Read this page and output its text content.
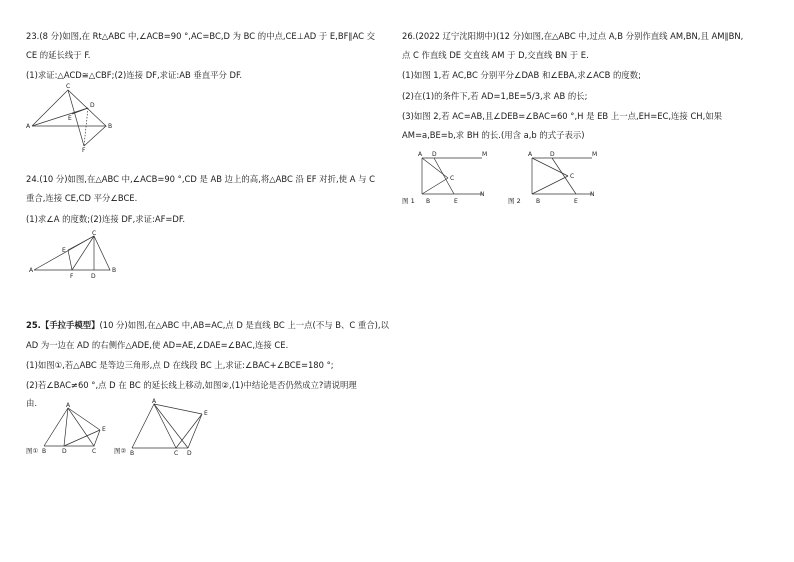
23.(8 分)如图,在 Rt△ABC 中,∠ACB=90 °,AC=BC,D 为 BC 的中点,CE⊥AD 于 E,BF∥AC 交
CE 的延长线于 F.
(1)求证:△ACD≅△CBF;(2)连接 DF,求证:AB 垂直平分 DF.
C
D
A
E
B
F
24.(10 分)如图,在△ABC 中,∠ACB=90 °,CD 是 AB 边上的高,将△ABC 沿 EF 对折,使 A 与 C
重合,连接 CE,CD 平分∠BCE.
(1)求∠A 的度数;(2)连接 DF,求证:AF=DF.
C
E
A
F	D
B
25.【手拉手模型】(10 分)如图,在△ABC 中,AB=AC,点 D 是直线 BC 上一点(不与 B、C 重合),以
AD 为一边在 AD 的右侧作△ADE,使 AD=AE,∠DAE=∠BAC,连接 CE.
(1)如图①,若△ABC 是等边三角形,点 D 在线段 BC 上,求证:∠BAC+∠BCE=180 °;
(2)若∠BAC≠60 °,点 D 在 BC 的延长线上移动,如图②,(1)中结论是否仍然成立?请说明理
由.	A
E
B	D	C
图①
A
E
B	C D
图②
26.(2022 辽宁沈阳期中)(12 分)如图,在△ABC 中,过点 A,B 分别作直线 AM,BN,且 AM∥BN,
点 C 作直线 DE 交直线 AM 于 D,交直线 BN 于 E.
(1)如图 1,若 AC,BC 分别平分∠DAB 和∠EBA,求∠ACB 的度数;
(2)在(1)的条件下,若 AD=1,BE=5/3,求 AB 的长;
(3)如图 2,若 AC=AB,且∠DEB=∠BAC=60 °,H 是 EB 上一点,EH=EC,连接 CH,如果
AM=a,BE=b,求 BH 的长.(用含 a,b 的式子表示)
A D	M
C
B	E
N
图 1
A	D	M
C
B	E
N
图 2
